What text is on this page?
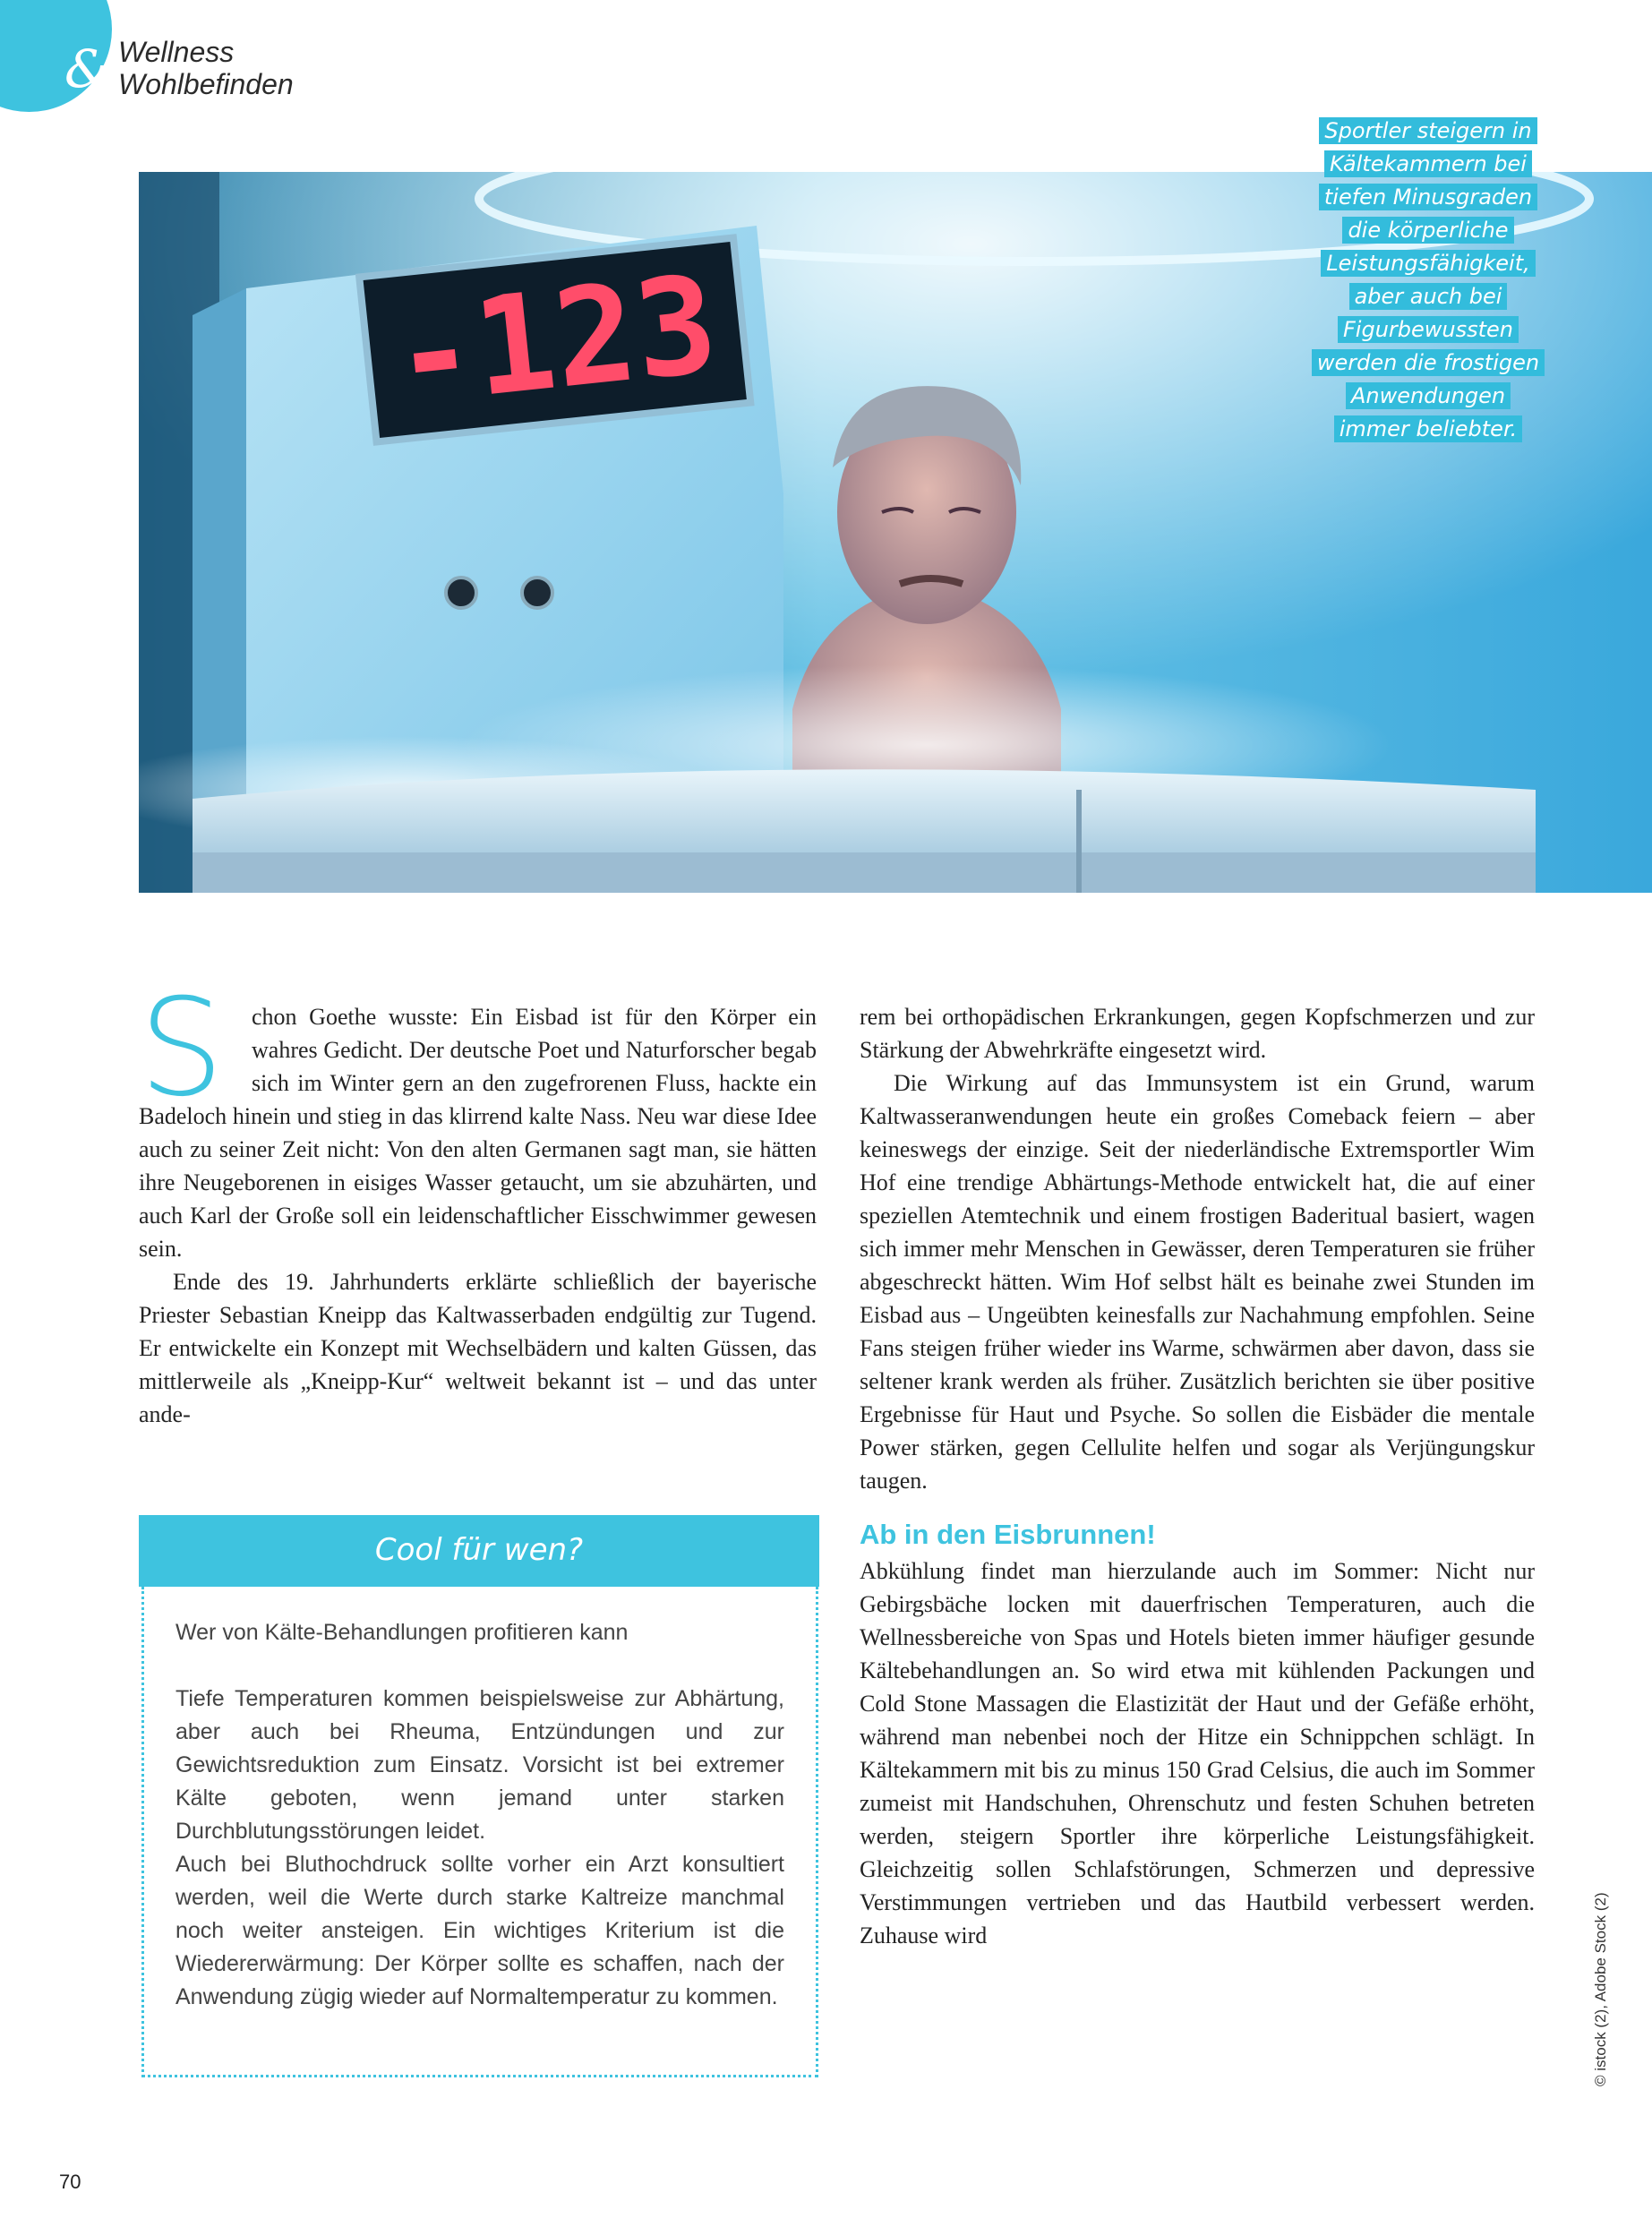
& Wellness
Wohlbefinden
-123
Sportler steigern in
Kältekammern bei
tiefen Minusgraden
die körperliche
Leistungsfähigkeit,
aber auch bei
Figurbewussten
werden die frostigen
Anwendungen
immer beliebter.

S	chon Goethe wusste: Ein Eisbad ist für den Körper ein wahres Gedicht. Der deutsche Poet und Naturforscher begab sich im Winter gern an den zugefrorenen Fluss, hackte ein Badeloch hinein und stieg in das klirrend kalte Nass. Neu war diese Idee auch zu seiner Zeit nicht: Von den alten Germanen sagt man, sie hätten ihre Neugeborenen in eisiges Wasser getaucht, um sie abzuhärten, und auch Karl der Große soll ein leidenschaftlicher Eisschwimmer gewesen sein.

Ende des 19. Jahrhunderts erklärte schließlich der bayerische Priester Sebastian Kneipp das Kaltwasserbaden endgültig zur Tugend. Er entwickelte ein Konzept mit Wechselbädern und kalten Güssen, das mittlerweile als „Kneipp-Kur“ weltweit bekannt ist – und das unter ande-

rem bei orthopädischen Erkrankungen, gegen Kopfschmerzen und zur Stärkung der Abwehrkräfte eingesetzt wird.

Die Wirkung auf das Immunsystem ist ein Grund, warum Kaltwasseranwendungen heute ein großes Comeback feiern – aber keineswegs der einzige. Seit der niederländische Extremsportler Wim Hof eine trendige Abhärtungs-Methode entwickelt hat, die auf einer speziellen Atemtechnik und einem frostigen Baderitual basiert, wagen sich immer mehr Menschen in Gewässer, deren Temperaturen sie früher abgeschreckt hätten. Wim Hof selbst hält es beinahe zwei Stunden im Eisbad aus – Ungeübten keinesfalls zur Nachahmung empfohlen. Seine Fans steigen früher wieder ins Warme, schwärmen aber davon, dass sie seltener krank werden als früher. Zusätzlich berichten sie über positive Ergebnisse für Haut und Psyche. So sollen die Eisbäder die mentale Power stärken, gegen Cellulite helfen und sogar als Verjüngungskur taugen.

Ab in den Eisbrunnen!

Abkühlung findet man hierzulande auch im Sommer: Nicht nur Gebirgsbäche locken mit dauerfrischen Temperaturen, auch die Wellnessbereiche von Spas und Hotels bieten immer häufiger gesunde Kältebehandlungen an. So wird etwa mit kühlenden Packungen und Cold Stone Massagen die Elastizität der Haut und der Gefäße erhöht, während man nebenbei noch der Hitze ein Schnippchen schlägt. In Kältekammern mit bis zu minus 150 Grad Celsius, die auch im Sommer zumeist mit Handschuhen, Ohrenschutz und festen Schuhen betreten werden, steigern Sportler ihre körperliche Leistungsfähigkeit. Gleichzeitig sollen Schlafstörungen, Schmerzen und depressive Verstimmungen vertrieben und das Hautbild verbessert werden. Zuhause wird

Cool für wen?

Wer von Kälte-Behandlungen profitieren kann

Tiefe Temperaturen kommen beispielsweise zur Abhärtung, aber auch bei Rheuma, Entzündungen und zur Gewichtsreduktion zum Einsatz. Vorsicht ist bei extremer Kälte geboten, wenn jemand unter starken Durchblutungsstörungen leidet.

Auch bei Bluthochdruck sollte vorher ein Arzt konsultiert werden, weil die Werte durch starke Kaltreize manchmal noch weiter ansteigen. Ein wichtiges Kriterium ist die Wiedererwärmung: Der Körper sollte es schaffen, nach der Anwendung zügig wieder auf Normaltemperatur zu kommen.

70
© istock (2), Adobe Stock (2)
